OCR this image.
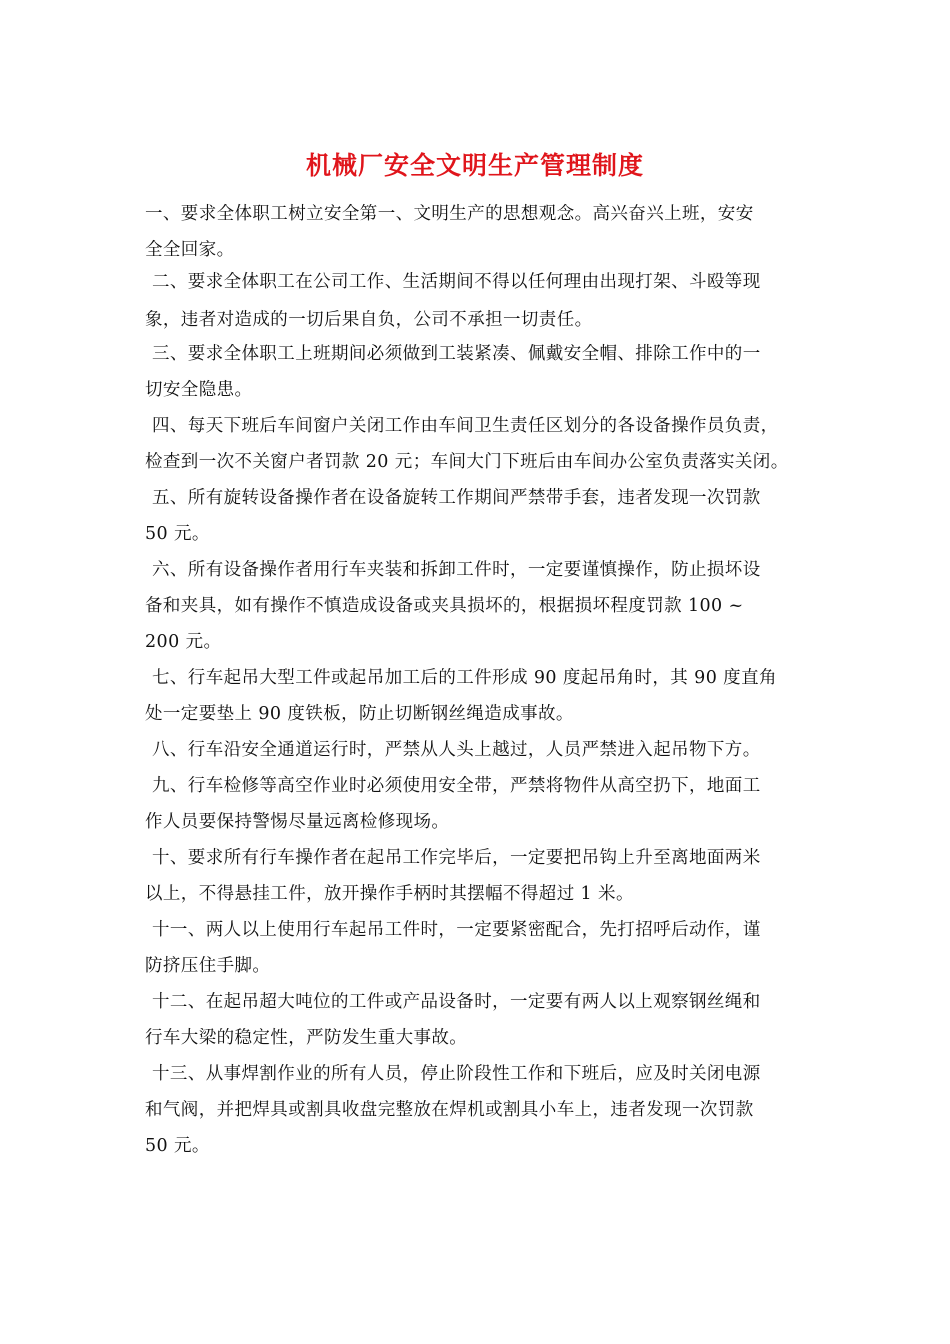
机械厂安全文明生产管理制度
一、要求全体职工树立安全第一、文明生产的思想观念。高兴奋兴上班，安安
全全回家。
二、要求全体职工在公司工作、生活期间不得以任何理由出现打架、斗殴等现
象，违者对造成的一切后果自负，公司不承担一切责任。
三、要求全体职工上班期间必须做到工装紧凑、佩戴安全帽、排除工作中的一
切安全隐患。
四、每天下班后车间窗户关闭工作由车间卫生责任区划分的各设备操作员负责，
检查到一次不关窗户者罚款 20 元；车间大门下班后由车间办公室负责落实关闭。
五、所有旋转设备操作者在设备旋转工作期间严禁带手套，违者发现一次罚款
50 元。
六、所有设备操作者用行车夹装和拆卸工件时，一定要谨慎操作，防止损坏设
备和夹具，如有操作不慎造成设备或夹具损坏的，根据损坏程度罚款 100 ~
200 元。
七、行车起吊大型工件或起吊加工后的工件形成 90 度起吊角时，其 90 度直角
处一定要垫上 90 度铁板，防止切断钢丝绳造成事故。
八、行车沿安全通道运行时，严禁从人头上越过，人员严禁进入起吊物下方。
九、行车检修等高空作业时必须使用安全带，严禁将物件从高空扔下，地面工
作人员要保持警惕尽量远离检修现场。
十、要求所有行车操作者在起吊工作完毕后，一定要把吊钩上升至离地面两米
以上，不得悬挂工件，放开操作手柄时其摆幅不得超过 1 米。
十一、两人以上使用行车起吊工件时，一定要紧密配合，先打招呼后动作，谨
防挤压住手脚。
十二、在起吊超大吨位的工件或产品设备时，一定要有两人以上观察钢丝绳和
行车大梁的稳定性，严防发生重大事故。
十三、从事焊割作业的所有人员，停止阶段性工作和下班后，应及时关闭电源
和气阀，并把焊具或割具收盘完整放在焊机或割具小车上，违者发现一次罚款
50 元。
